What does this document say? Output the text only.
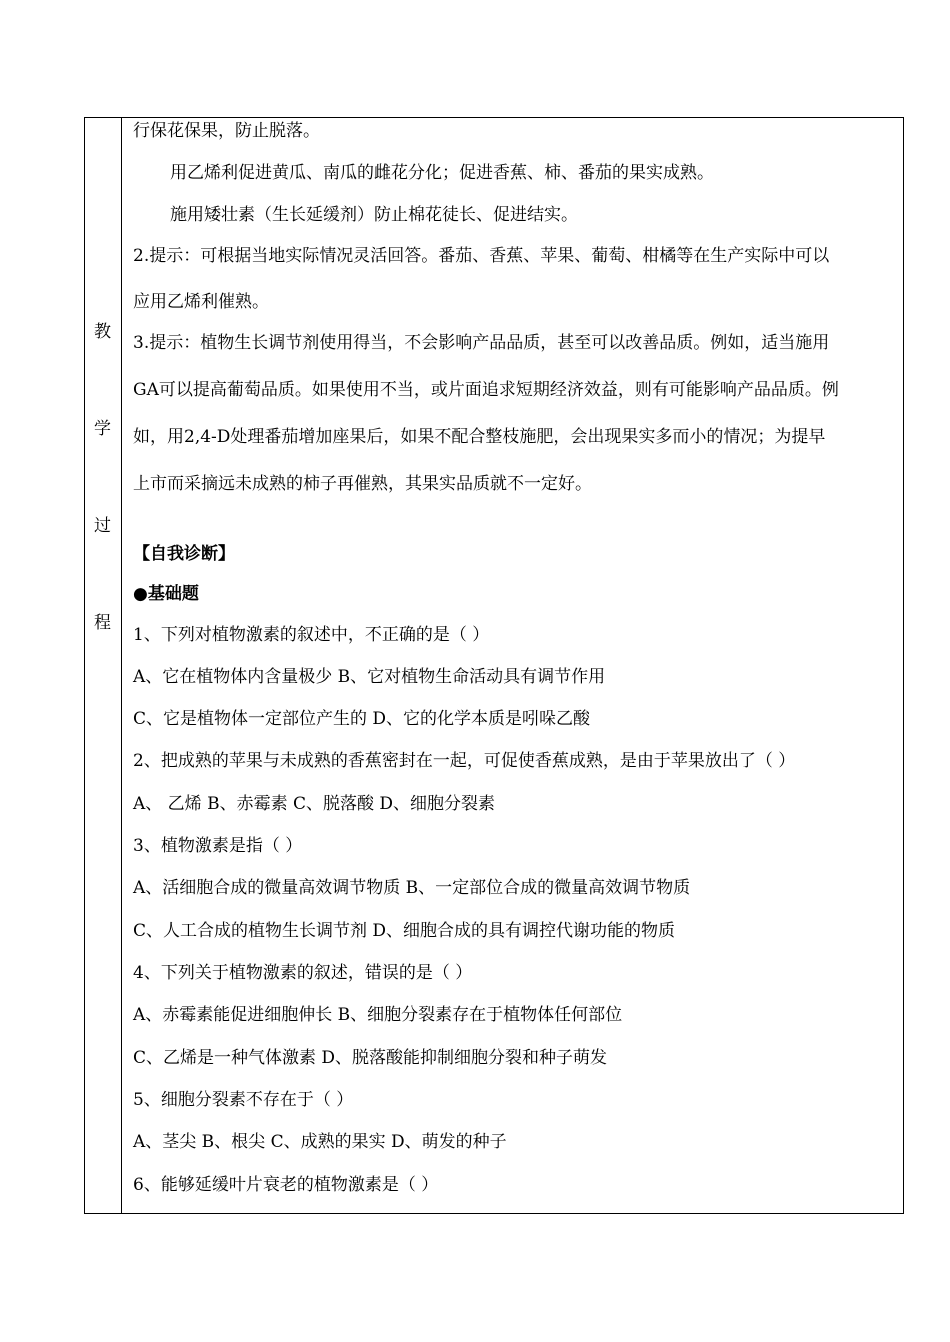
教
学
过
程
行保花保果，防止脱落。
用乙烯利促进黄瓜、南瓜的雌花分化；促进香蕉、柿、番茄的果实成熟。
施用矮壮素（生长延缓剂）防止棉花徒长、促进结实。
2.提示：可根据当地实际情况灵活回答。番茄、香蕉、苹果、葡萄、柑橘等在生产实际中可以
应用乙烯利催熟。
3.提示：植物生长调节剂使用得当，不会影响产品品质，甚至可以改善品质。例如，适当施用
GA可以提高葡萄品质。如果使用不当，或片面追求短期经济效益，则有可能影响产品品质。例
如，用2,4-D处理番茄增加座果后，如果不配合整枝施肥，会出现果实多而小的情况；为提早
上市而采摘远未成熟的柿子再催熟，其果实品质就不一定好。
【自我诊断】
●基础题
1、下列对植物激素的叙述中，不正确的是（ ）
A、它在植物体内含量极少 B、它对植物生命活动具有调节作用
C、它是植物体一定部位产生的 D、它的化学本质是吲哚乙酸
2、把成熟的苹果与未成熟的香蕉密封在一起，可促使香蕉成熟，是由于苹果放出了（ ）
A、 乙烯 B、赤霉素 C、脱落酸 D、细胞分裂素
3、植物激素是指（ ）
A、活细胞合成的微量高效调节物质 B、一定部位合成的微量高效调节物质
C、人工合成的植物生长调节剂 D、细胞合成的具有调控代谢功能的物质
4、下列关于植物激素的叙述，错误的是（ ）
A、赤霉素能促进细胞伸长 B、细胞分裂素存在于植物体任何部位
C、乙烯是一种气体激素 D、脱落酸能抑制细胞分裂和种子萌发
5、细胞分裂素不存在于（ ）
A、茎尖 B、根尖 C、成熟的果实 D、萌发的种子
6、能够延缓叶片衰老的植物激素是（ ）
